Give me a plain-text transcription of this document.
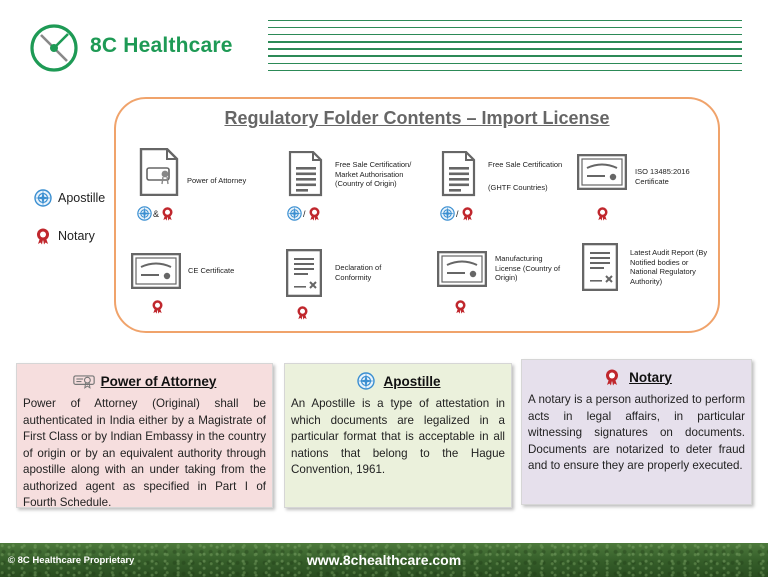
8C Healthcare
Apostille
Notary
Regulatory Folder Contents – Import License
Power of Attorney
&
Free Sale Certification/ Market Authorisation (Country of Origin)
/
Free Sale Certification
(GHTF Countries)
/
ISO 13485:2016 Certificate
CE Certificate	Declaration of Conformity
Manufacturing License (Country of Origin)
Latest Audit Report (By Notified bodies or National Regulatory Authority)
Power of Attorney

Power of Attorney (Original) shall be authenticated in India either by a Magistrate of First Class or by Indian Embassy in the country of origin or by an equivalent authority through apostille along with an under taking from the authorized agent as specified in Part I of Fourth Schedule.

Apostille

An Apostille is a type of attestation in which documents are legalized in a particular format that is acceptable in all nations that belong to the Hague Convention, 1961.

Notary

A notary is a person authorized to perform acts in legal affairs, in particular witnessing signatures on documents. Documents are notarized to deter fraud and to ensure they are properly executed.

© 8C Healthcare Proprietary	www.8chealthcare.com
